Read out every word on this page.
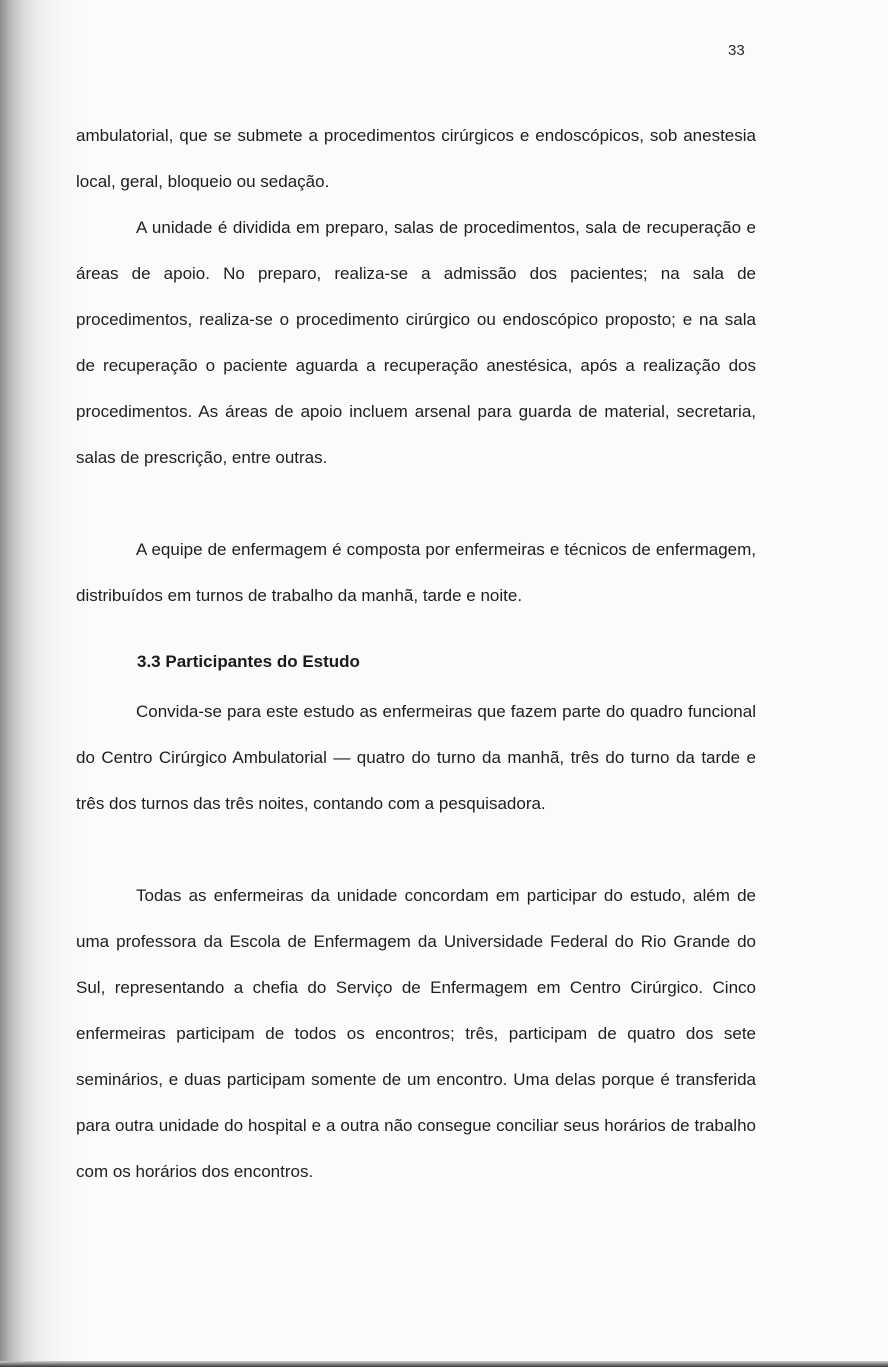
33

ambulatorial, que se submete a procedimentos cirúrgicos e endoscópicos, sob anestesia local, geral, bloqueio ou sedação.

A unidade é dividida em preparo, salas de procedimentos, sala de recuperação e áreas de apoio. No preparo, realiza-se a admissão dos pacientes; na sala de procedimentos, realiza-se o procedimento cirúrgico ou endoscópico proposto; e na sala de recuperação o paciente aguarda a recuperação anestésica, após a realização dos procedimentos. As áreas de apoio incluem arsenal para guarda de material, secretaria, salas de prescrição, entre outras.

A equipe de enfermagem é composta por enfermeiras e técnicos de enfermagem, distribuídos em turnos de trabalho da manhã, tarde e noite.

3.3 Participantes do Estudo

Convida-se para este estudo as enfermeiras que fazem parte do quadro funcional do Centro Cirúrgico Ambulatorial — quatro do turno da manhã, três do turno da tarde e três dos turnos das três noites, contando com a pesquisadora.

Todas as enfermeiras da unidade concordam em participar do estudo, além de uma professora da Escola de Enfermagem da Universidade Federal do Rio Grande do Sul, representando a chefia do Serviço de Enfermagem em Centro Cirúrgico. Cinco enfermeiras participam de todos os encontros; três, participam de quatro dos sete seminários, e duas participam somente de um encontro. Uma delas porque é transferida para outra unidade do hospital e a outra não consegue conciliar seus horários de trabalho com os horários dos encontros.
